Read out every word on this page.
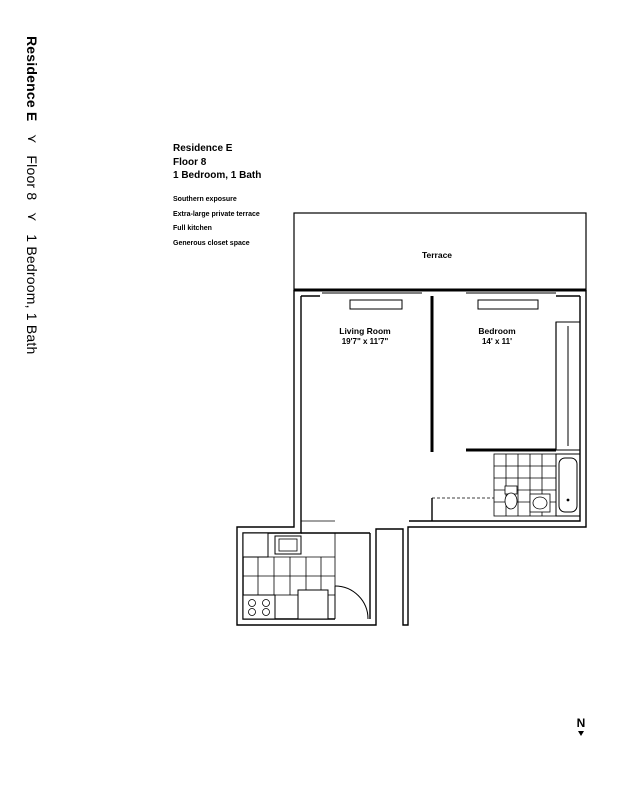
Residence E ⋎ Floor 8 ⋎ 1 Bedroom, 1 Bath
Residence E
Floor 8
1 Bedroom, 1 Bath
Southern exposure
Extra-large private terrace
Full kitchen
Generous closet space
Terrace
Living Room
19'7" x 11'7"
Bedroom
14' x 11'
N
